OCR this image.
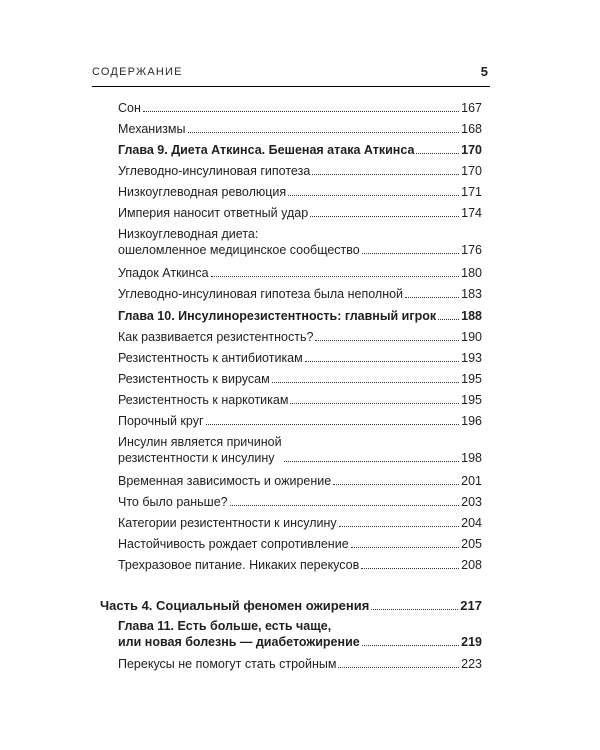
СОДЕРЖАНИЕ	5
Сон	167
Механизмы	168
Глава 9. Диета Аткинса. Бешеная атака Аткинса	170
Углеводно-инсулиновая гипотеза	170
Низкоуглеводная революция	171
Империя наносит ответный удар	174
Низкоуглеводная диета:
ошеломленное медицинское сообщество	176
Упадок Аткинса	180
Углеводно-инсулиновая гипотеза была неполной	183
Глава 10. Инсулинорезистентность: главный игрок 188
Как развивается резистентность?	190
Резистентность к антибиотикам	193
Резистентность к вирусам	195
Резистентность к наркотикам	195
Порочный круг	196
Инсулин является причиной
резистентности к инсулину	198
Временная зависимость и ожирение	201
Что было раньше?	203
Категории резистентности к инсулину	204
Настойчивость рождает сопротивление	205
Трехразовое питание. Никаких перекусов	208
Часть 4. Социальный феномен ожирения	217
Глава 11. Есть больше, есть чаще,
или новая болезнь — диабетожирение	219
Перекусы не помогут стать стройным	223
